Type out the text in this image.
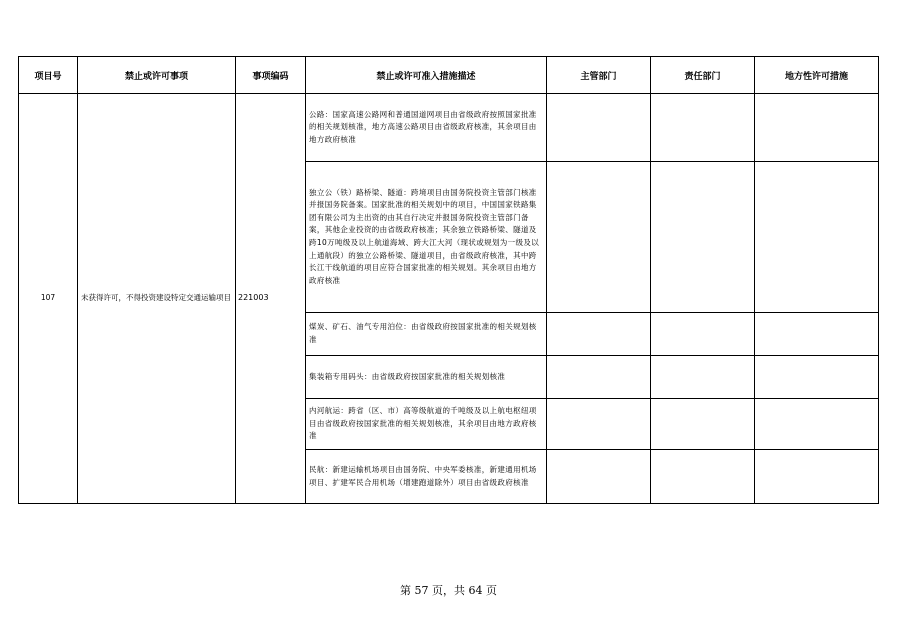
项目号	禁止或许可事项	事项编码	禁止或许可准入措施描述	主管部门	责任部门	地方性许可措施
107	未获得许可，不得投资建设特定交通运输项目	221003	公路：国家高速公路网和普通国道网项目由省级政府按照国家批准的相关规划核准，地方高速公路项目由省级政府核准，其余项目由地方政府核准			
			独立公（铁）路桥梁、隧道：跨境项目由国务院投资主管部门核准并报国务院备案。国家批准的相关规划中的项目，中国国家铁路集团有限公司为主出资的由其自行决定并报国务院投资主管部门备案，其他企业投资的由省级政府核准；其余独立铁路桥梁、隧道及跨10万吨级及以上航道海域、跨大江大河（现状或规划为一级及以上通航段）的独立公路桥梁、隧道项目，由省级政府核准，其中跨长江干线航道的项目应符合国家批准的相关规划。其余项目由地方政府核准			
			煤炭、矿石、油气专用泊位：由省级政府按国家批准的相关规划核准			
			集装箱专用码头：由省级政府按国家批准的相关规划核准			
			内河航运：跨省（区、市）高等级航道的千吨级及以上航电枢纽项目由省级政府按国家批准的相关规划核准，其余项目由地方政府核准			
			民航：新建运输机场项目由国务院、中央军委核准，新建通用机场项目、扩建军民合用机场（增建跑道除外）项目由省级政府核准			
第 57 页，共 64 页
